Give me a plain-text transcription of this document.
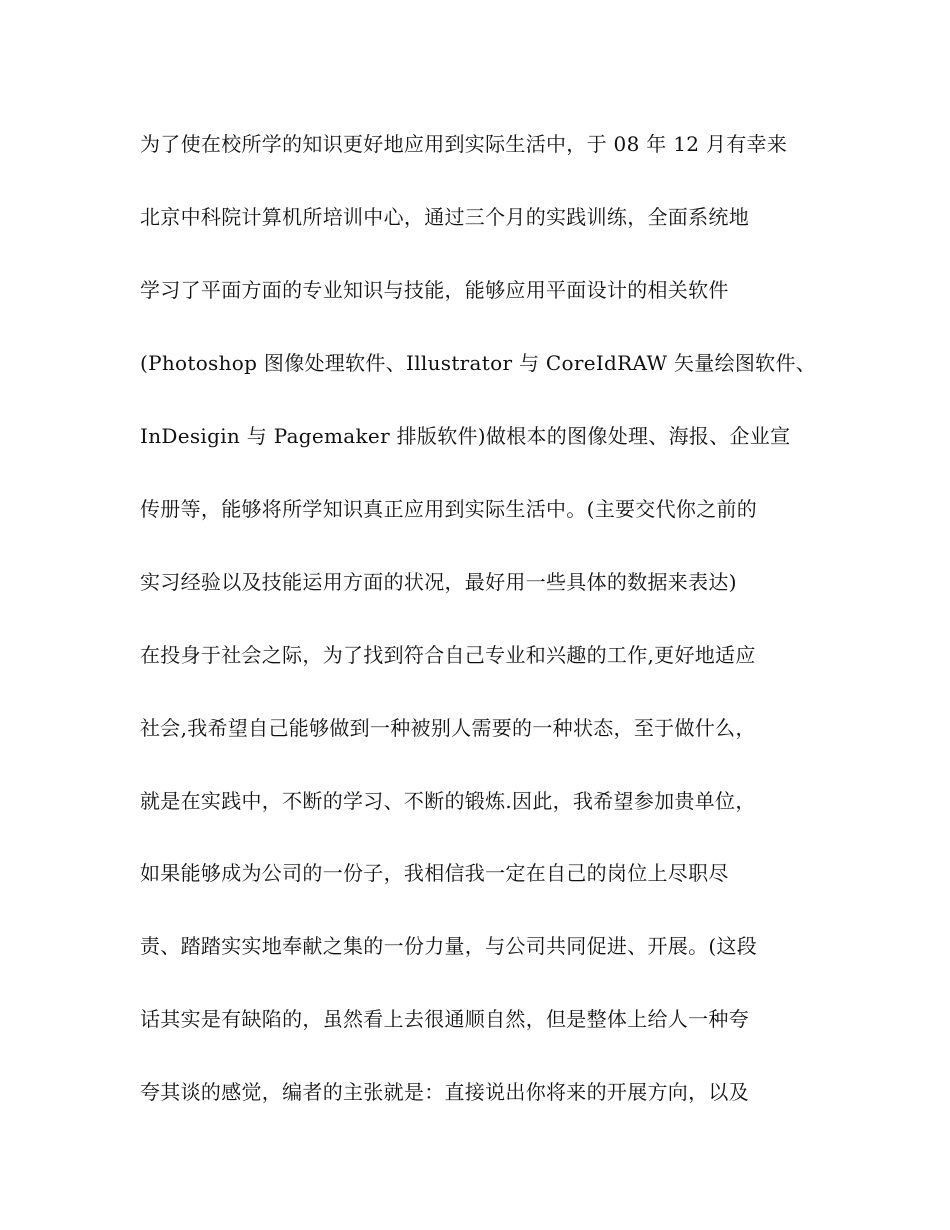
为了使在校所学的知识更好地应用到实际生活中，于 08 年 12 月有幸来
北京中科院计算机所培训中心，通过三个月的实践训练，全面系统地
学习了平面方面的专业知识与技能，能够应用平面设计的相关软件
(Photoshop 图像处理软件、Illustrator 与 CoreIdRAW 矢量绘图软件、
InDesigin 与 Pagemaker 排版软件)做根本的图像处理、海报、企业宣
传册等，能够将所学知识真正应用到实际生活中。(主要交代你之前的
实习经验以及技能运用方面的状况，最好用一些具体的数据来表达)
在投身于社会之际，为了找到符合自己专业和兴趣的工作,更好地适应
社会,我希望自己能够做到一种被别人需要的一种状态，至于做什么，
就是在实践中，不断的学习、不断的锻炼.因此，我希望参加贵单位，
如果能够成为公司的一份子，我相信我一定在自己的岗位上尽职尽
责、踏踏实实地奉献之集的一份力量，与公司共同促进、开展。(这段
话其实是有缺陷的，虽然看上去很通顺自然，但是整体上给人一种夸
夸其谈的感觉，编者的主张就是：直接说出你将来的开展方向，以及
